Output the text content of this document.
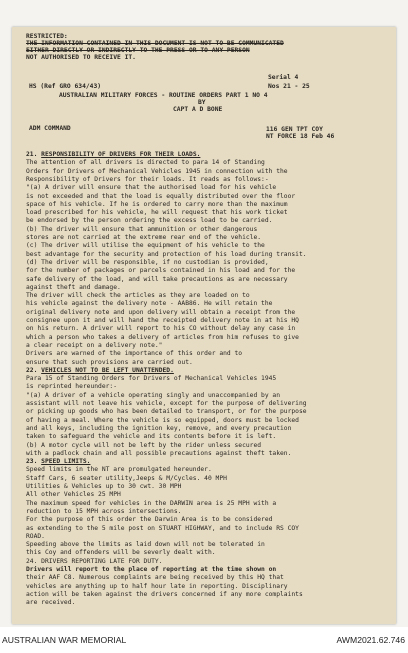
RESTRICTED:
THE INFORMATION CONTAINED IN THIS DOCUMENT IS NOT TO BE COMMUNICATED
EITHER DIRECTLY OR INDIRECTLY TO THE PRESS OR TO ANY PERSON
NOT AUTHORISED TO RECEIVE IT.
Serial 4
HS (Ref GRO 634/43)	Nos 21 - 25
AUSTRALIAN MILITARY FORCES - ROUTINE ORDERS PART 1 NO 4
BY
CAPT A D BONE
ADM COMMAND	116 GEN TPT COY
NT FORCE 18 Feb 46
21. RESPONSIBILITY OF DRIVERS FOR THEIR LOADS.
The attention of all drivers is directed to para 14 of Standing
Orders for Drivers of Mechanical Vehicles 1945 in connection with the
Responsibility of Drivers for their loads. It reads as follows:-
"(a) A driver will ensure that the authorised load for his vehicle
is not exceeded and that the load is equally distributed over the floor
space of his vehicle. If he is ordered to carry more than the maximum
load prescribed for his vehicle, he will request that his work ticket
be endorsed by the person ordering the excess load to be carried.
(b) The driver will ensure that ammunition or other dangerous
stores are not carried at the extreme rear end of the vehicle.
(c) The driver will utilise the equipment of his vehicle to the
best advantage for the security and protection of his load during transit.
(d) The driver will be responsible, if no custodian is provided,
for the number of packages or parcels contained in his load and for the
safe delivery of the load, and will take precautions as are necessary
against theft and damage.
The driver will check the articles as they are loaded on to
his vehicle against the delivery note - AAB86. He will retain the
original delivery note and upon delivery will obtain a receipt from the
consignee upon it and will hand the receipted delivery note in at his HQ
on his return. A driver will report to his CO without delay any case in
which a person who takes a delivery of articles from him refuses to give
a clear receipt on a delivery note."
Drivers are warned of the importance of this order and to
ensure that such provisions are carried out.
22. VEHICLES NOT TO BE LEFT UNATTENDED.
Para 15 of Standing Orders for Drivers of Mechanical Vehicles 1945
is reprinted hereunder:-
"(a) A driver of a vehicle operating singly and unaccompanied by an
assistant will not leave his vehicle, except for the purpose of delivering
or picking up goods who has been detailed to transport, or for the purpose
of having a meal. Where the vehicle is so equipped, doors must be locked
and all keys, including the ignition key, remove, and every precaution
taken to safeguard the vehicle and its contents before it is left.
(b) A motor cycle will not be left by the rider unless secured
with a padlock chain and all possible precautions against theft taken.
23. SPEED LIMITS.
Speed limits in the NT are promulgated hereunder.
Staff Cars, 6 seater utility,Jeeps & M/Cycles. 40 MPH
Utilities & Vehicles up to 30 cwt. 30 MPH
All other Vehicles 25 MPH
The maximum speed for vehicles in the DARWIN area is 25 MPH with a
reduction to 15 MPH across intersections.
For the purpose of this order the Darwin Area is to be considered
as extending to the 5 mile post on STUART HIGHWAY, and to include RS COY
ROAD.
Speeding above the limits as laid down will not be tolerated in
this Coy and offenders will be severly dealt with.
24. DRIVERS REPORTING LATE FOR DUTY.
Drivers will report to the place of reporting at the time shown on
their AAF C8. Numerous complaints are being received by this HQ that
vehicles are anything up to half hour late in reporting. Disciplinary
action will be taken against the drivers concerned if any more complaints
are received.
AUSTRALIAN WAR MEMORIAL	AWM2021.62.746
